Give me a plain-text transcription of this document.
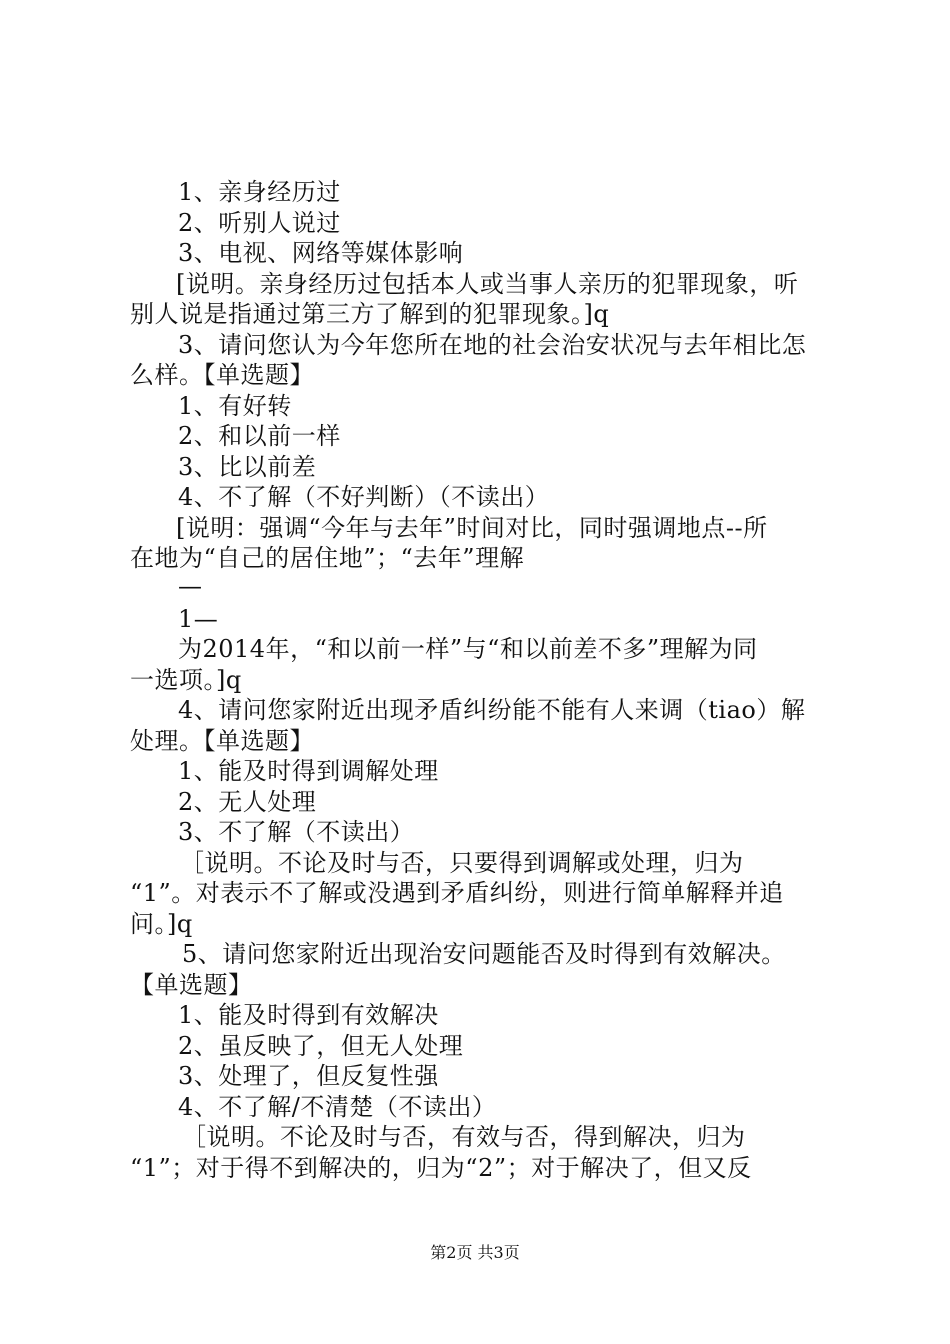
1、亲身经历过
2、听别人说过
3、电视、网络等媒体影响
[说明。亲身经历过包括本人或当事人亲历的犯罪现象，听
别人说是指通过第三方了解到的犯罪现象。]q
3、请问您认为今年您所在地的社会治安状况与去年相比怎
么样。【单选题】
1、有好转
2、和以前一样
3、比以前差
4、不了解（不好判断）（不读出）
[说明：强调“今年与去年”时间对比，同时强调地点--所
在地为“自己的居住地”；“去年”理解
—
1—
为2014年，“和以前一样”与“和以前差不多”理解为同
一选项。]q
4、请问您家附近出现矛盾纠纷能不能有人来调（tiao）解
处理。【单选题】
1、能及时得到调解处理
2、无人处理
3、不了解（不读出）
［说明。不论及时与否，只要得到调解或处理，归为
“1”。对表示不了解或没遇到矛盾纠纷，则进行简单解释并追
问。]q
5、请问您家附近出现治安问题能否及时得到有效解决。
【单选题】
1、能及时得到有效解决
2、虽反映了，但无人处理
3、处理了，但反复性强
4、不了解/不清楚（不读出）
［说明。不论及时与否，有效与否，得到解决，归为
“1”；对于得不到解决的，归为“2”；对于解决了，但又反
第2页 共3页
